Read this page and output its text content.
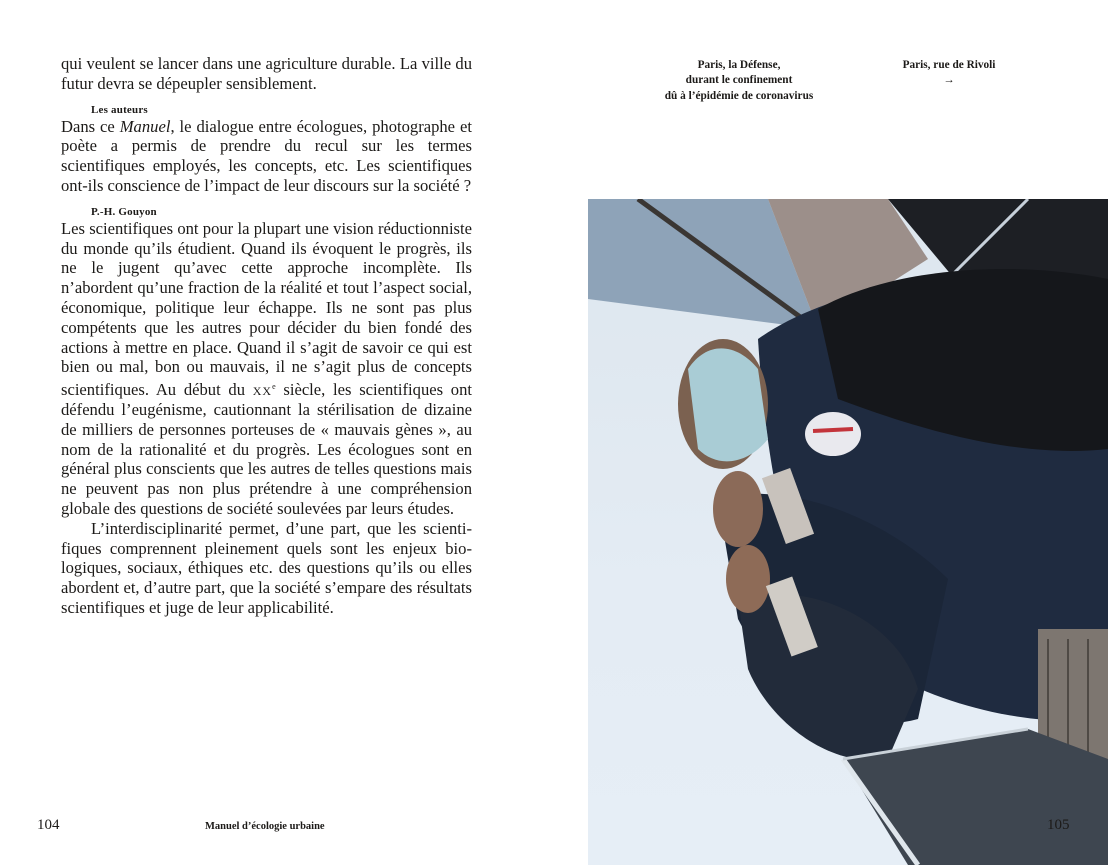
qui veulent se lancer dans une agriculture durable. La ville du futur devra se dépeupler sensiblement.

Les auteurs

Dans ce Manuel, le dialogue entre écologues, photographe et poète a permis de prendre du recul sur les termes scientifiques employés, les concepts, etc. Les scientifiques ont-ils conscience de l’impact de leur discours sur la société ?

P.-H. Gouyon

Les scientifiques ont pour la plupart une vision réductionniste du monde qu’ils étudient. Quand ils évoquent le progrès, ils ne le jugent qu’avec cette approche incomplète. Ils n’abordent qu’une fraction de la réalité et tout l’aspect social, économique, politique leur échappe. Ils ne sont pas plus compétents que les autres pour décider du bien fondé des actions à mettre en place. Quand il s’agit de savoir ce qui est bien ou mal, bon ou mauvais, il ne s’agit plus de concepts scientifiques. Au début du $xx^e$ siècle, les scientifiques ont défendu l’eugénisme, cautionnant la stérilisation de dizaine de milliers de personnes porteuses de « mauvais gènes », au nom de la rationalité et du progrès. Les écologues sont en général plus conscients que les autres de telles questions mais ne peuvent pas non plus prétendre à une compréhension globale des questions de société soulevées par leurs études.

L’interdisciplinarité permet, d’une part, que les scientifiques comprennent pleinement quels sont les enjeux biologiques, sociaux, éthiques etc. des questions qu’ils ou elles abordent et, d’autre part, que la société s’empare des résultats scientifiques et juge de leur applicabilité.

104	Manuel d’écologie urbaine
Paris, la Défense,
durant le confinement
dû à l’épidémie de coronavirus
Paris, rue de Rivoli
→
105
